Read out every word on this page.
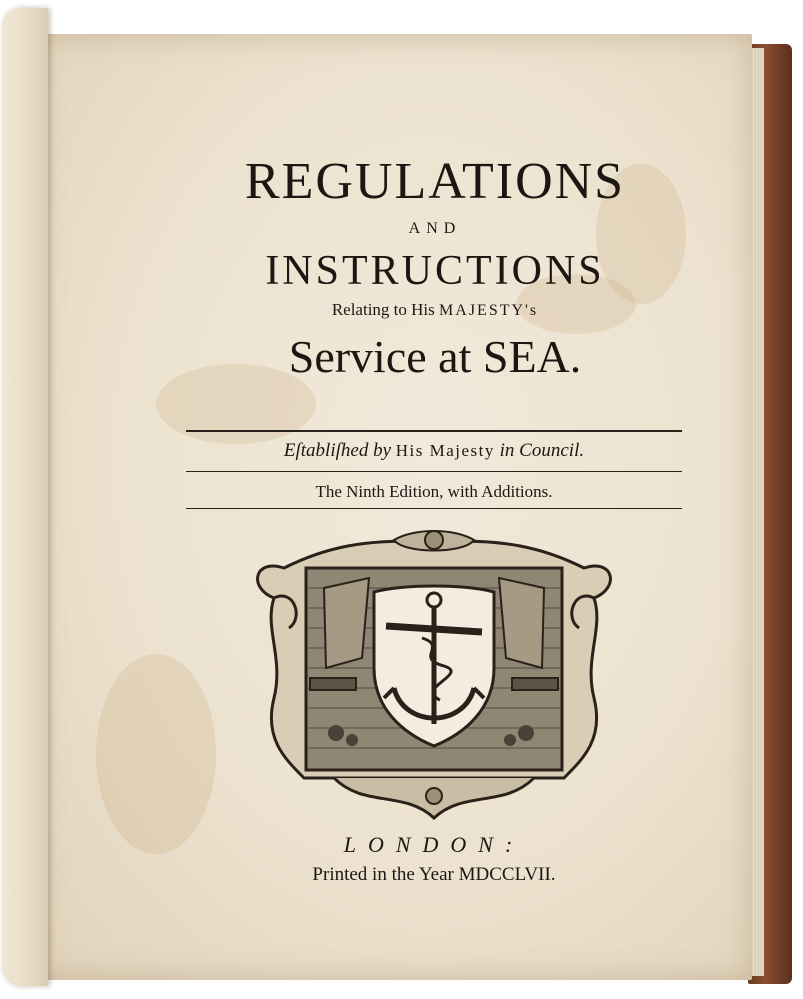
REGULATIONS
AND
INSTRUCTIONS
Relating to His MAJESTY's
Service at SEA.
Eſtabliſhed by His Majesty in Council.
The Ninth Edition, with Additions.
LONDON:
Printed in the Year MDCCLVII.
